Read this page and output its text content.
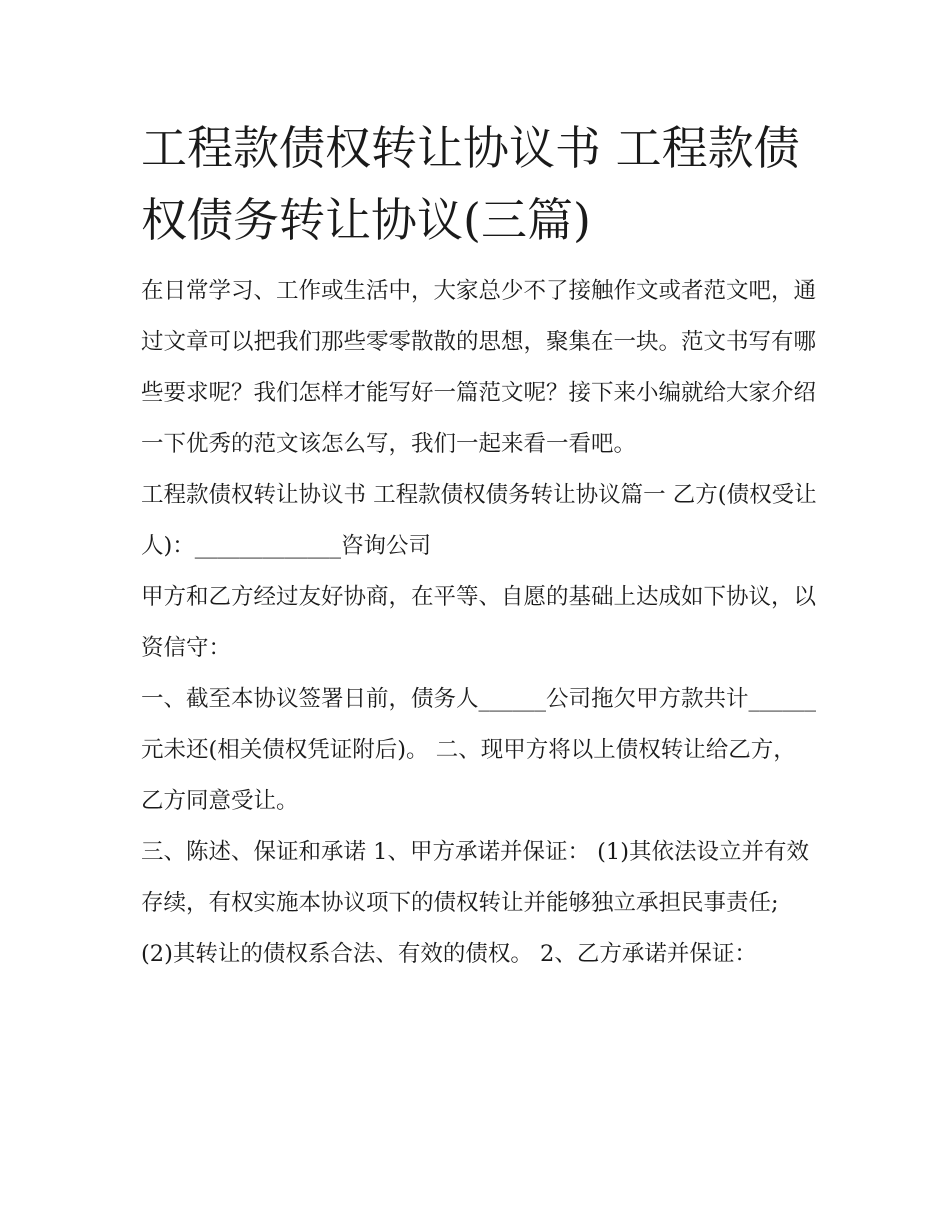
工程款债权转让协议书 工程款债权债务转让协议(三篇)

在日常学习、工作或生活中，大家总少不了接触作文或者范文吧，通过文章可以把我们那些零零散散的思想，聚集在一块。范文书写有哪些要求呢？我们怎样才能写好一篇范文呢？接下来小编就给大家介绍一下优秀的范文该怎么写，我们一起来看一看吧。

工程款债权转让协议书 工程款债权债务转让协议篇一 乙方(债权受让人)：_____________咨询公司

甲方和乙方经过友好协商，在平等、自愿的基础上达成如下协议，以资信守：

一、截至本协议签署日前，债务人______公司拖欠甲方款共计______元未还(相关债权凭证附后)。 二、现甲方将以上债权转让给乙方，乙方同意受让。

三、陈述、保证和承诺 1、甲方承诺并保证： (1)其依法设立并有效存续，有权实施本协议项下的债权转让并能够独立承担民事责任;

(2)其转让的债权系合法、有效的债权。 2、乙方承诺并保证：
